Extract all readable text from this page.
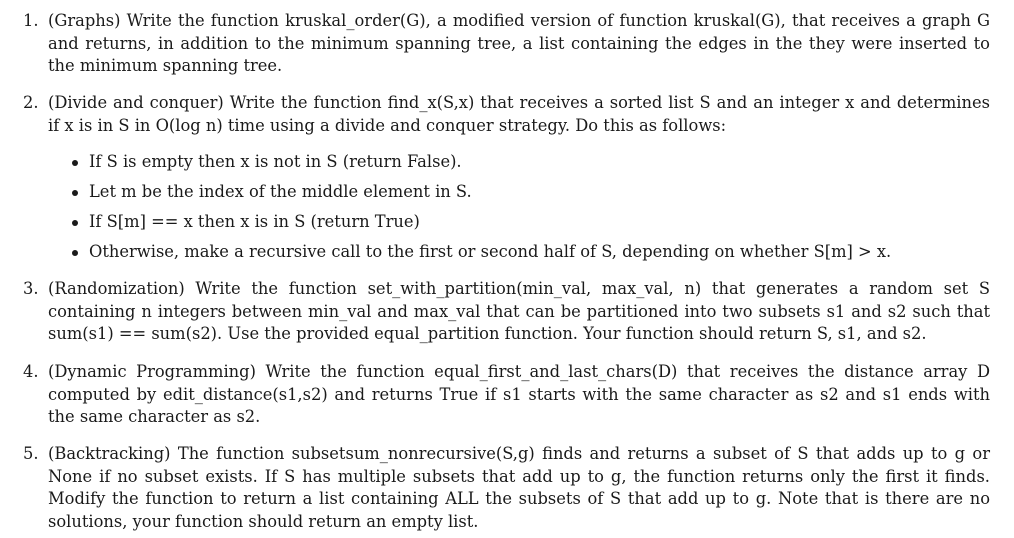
1. (Graphs) Write the function kruskal_order(G), a modified version of function kruskal(G), that receives a graph G and returns, in addition to the minimum spanning tree, a list containing the edges in the they were inserted to the minimum spanning tree.
2. (Divide and conquer) Write the function find_x(S,x) that receives a sorted list S and an integer x and determines if x is in S in O(log n) time using a divide and conquer strategy. Do this as follows:
If S is empty then x is not in S (return False).
Let m be the index of the middle element in S.
If S[m] == x then x is in S (return True)
Otherwise, make a recursive call to the first or second half of S, depending on whether S[m] > x.
3. (Randomization) Write the function set_with_partition(min_val, max_val, n) that generates a random set S containing n integers between min_val and max_val that can be partitioned into two subsets s1 and s2 such that sum(s1) == sum(s2). Use the provided equal_partition function. Your function should return S, s1, and s2.
4. (Dynamic Programming) Write the function equal_first_and_last_chars(D) that receives the distance array D computed by edit_distance(s1,s2) and returns True if s1 starts with the same character as s2 and s1 ends with the same character as s2.
5. (Backtracking) The function subsetsum_nonrecursive(S,g) finds and returns a subset of S that adds up to g or None if no subset exists. If S has multiple subsets that add up to g, the function returns only the first it finds. Modify the function to return a list containing ALL the subsets of S that add up to g. Note that is there are no solutions, your function should return an empty list.
